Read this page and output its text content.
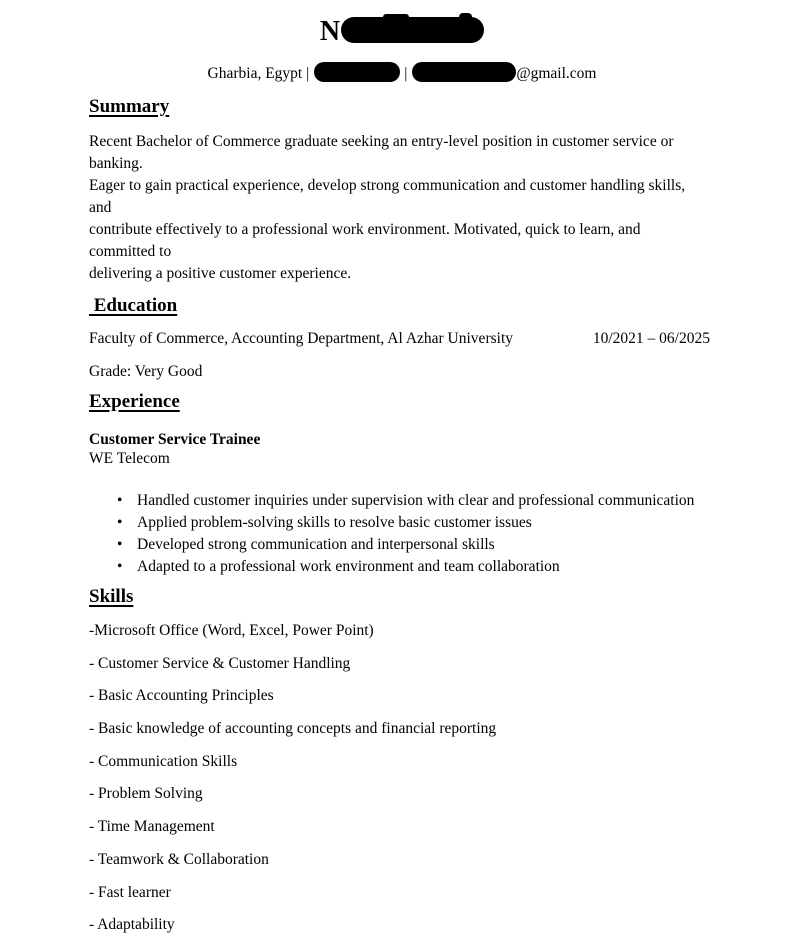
N
Gharbia, Egypt |	|	@gmail.com
Summary
Recent Bachelor of Commerce graduate seeking an entry-level position in customer service or banking.
Eager to gain practical experience, develop strong communication and customer handling skills, and
contribute effectively to a professional work environment. Motivated, quick to learn, and committed to
delivering a positive customer experience.
Education
Faculty of Commerce, Accounting Department, Al Azhar University	10/2021 – 06/2025
Grade: Very Good
Experience
Customer Service Trainee
WE Telecom
• Handled customer inquiries under supervision with clear and professional communication
• Applied problem-solving skills to resolve basic customer issues
• Developed strong communication and interpersonal skills
• Adapted to a professional work environment and team collaboration
Skills
-Microsoft Office (Word, Excel, Power Point)
- Customer Service & Customer Handling
- Basic Accounting Principles
- Basic knowledge of accounting concepts and financial reporting
- Communication Skills
- Problem Solving
- Time Management
- Teamwork & Collaboration
- Fast learner
- Adaptability
